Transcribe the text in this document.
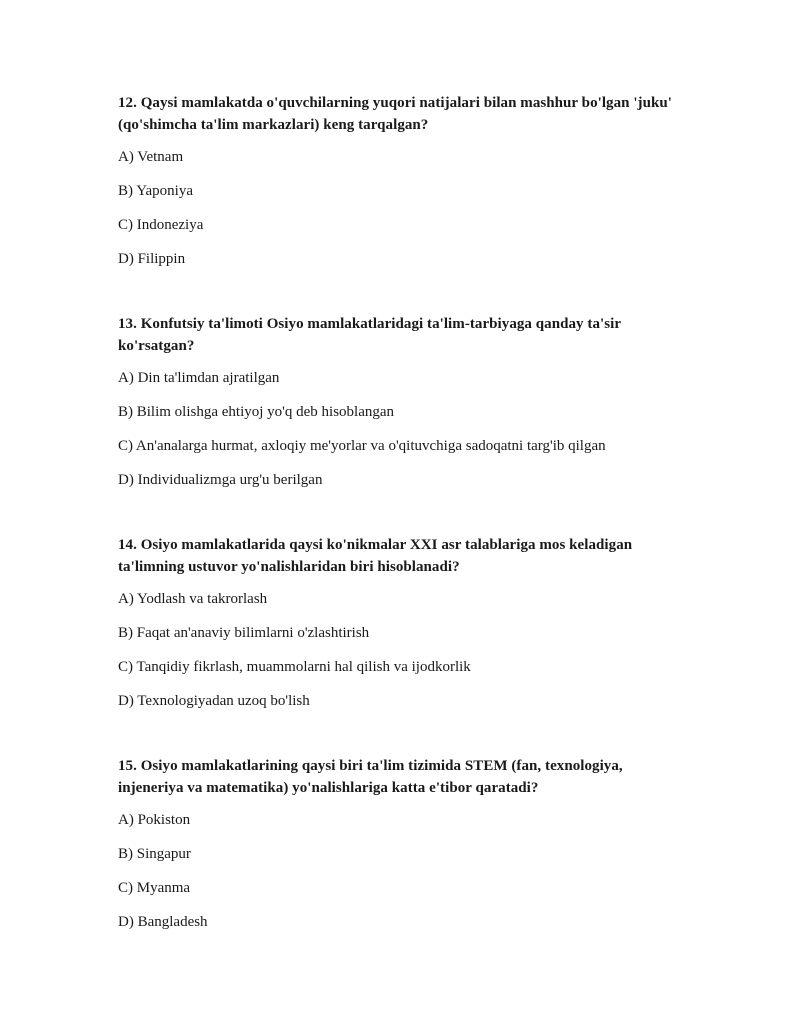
12. Qaysi mamlakatda o'quvchilarning yuqori natijalari bilan mashhur bo'lgan 'juku' (qo'shimcha ta'lim markazlari) keng tarqalgan?

A) Vetnam

B) Yaponiya

C) Indoneziya

D) Filippin

13. Konfutsiy ta'limoti Osiyo mamlakatlaridagi ta'lim-tarbiyaga qanday ta'sir ko'rsatgan?

A) Din ta'limdan ajratilgan

B) Bilim olishga ehtiyoj yo'q deb hisoblangan

C) An'analarga hurmat, axloqiy me'yorlar va o'qituvchiga sadoqatni targ'ib qilgan

D) Individualizmga urg'u berilgan

14. Osiyo mamlakatlarida qaysi ko'nikmalar XXI asr talablariga mos keladigan ta'limning ustuvor yo'nalishlaridan biri hisoblanadi?

A) Yodlash va takrorlash

B) Faqat an'anaviy bilimlarni o'zlashtirish

C) Tanqidiy fikrlash, muammolarni hal qilish va ijodkorlik

D) Texnologiyadan uzoq bo'lish

15. Osiyo mamlakatlarining qaysi biri ta'lim tizimida STEM (fan, texnologiya, injeneriya va matematika) yo'nalishlariga katta e'tibor qaratadi?

A) Pokiston

B) Singapur

C) Myanma

D) Bangladesh
